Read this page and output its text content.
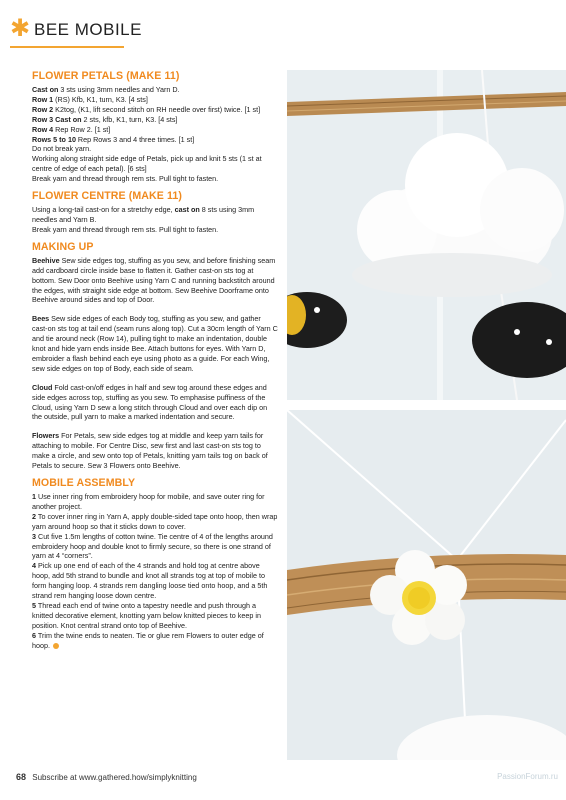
✱ BEE MOBILE
FLOWER PETALS (MAKE 11)

Cast on 3 sts using 3mm needles and Yarn D.

Row 1 (RS) Kfb, K1, turn, K3. [4 sts]

Row 2 K2tog, (K1, lift second stitch on RH needle over first) twice. [1 st]

Row 3 Cast on 2 sts, kfb, K1, turn, K3. [4 sts]

Row 4 Rep Row 2. [1 st]

Rows 5 to 10 Rep Rows 3 and 4 three times. [1 st]

Do not break yarn.

Working along straight side edge of Petals, pick up and knit 5 sts (1 st at centre of edge of each petal). [6 sts]

Break yarn and thread through rem sts. Pull tight to fasten.

FLOWER CENTRE (MAKE 11)

Using a long-tail cast-on for a stretchy edge, cast on 8 sts using 3mm needles and Yarn B.

Break yarn and thread through rem sts. Pull tight to fasten.

MAKING UP

Beehive Sew side edges tog, stuffing as you sew, and before finishing seam add cardboard circle inside base to flatten it. Gather cast-on sts tog at bottom. Sew Door onto Beehive using Yarn C and running backstitch around the edges, with straight side edge at bottom. Sew Beehive Doorframe onto Beehive around sides and top of Door.

Bees Sew side edges of each Body tog, stuffing as you sew, and gather cast-on sts tog at tail end (seam runs along top). Cut a 30cm length of Yarn C and tie around neck (Row 14), pulling tight to make an indentation, double knot and hide yarn ends inside Bee. Attach buttons for eyes. With Yarn D, embroider a flash behind each eye using photo as a guide. For each Wing, sew side edges on top of Body, each side of seam.

Cloud Fold cast-on/off edges in half and sew tog around these edges and side edges across top, stuffing as you sew. To emphasise puffiness of the Cloud, using Yarn D sew a long stitch through Cloud and over each dip on the outside, pull yarn to make a marked indentation and secure.

Flowers For Petals, sew side edges tog at middle and keep yarn tails for attaching to mobile. For Centre Disc, sew first and last cast-on sts tog to make a circle, and sew onto top of Petals, knitting yarn tails tog on back of Petals to secure. Sew 3 Flowers onto Beehive.

MOBILE ASSEMBLY

1 Use inner ring from embroidery hoop for mobile, and save outer ring for another project.

2 To cover inner ring in Yarn A, apply double-sided tape onto hoop, then wrap yarn around hoop so that it sticks down to cover.

3 Cut five 1.5m lengths of cotton twine. Tie centre of 4 of the lengths around embroidery hoop and double knot to firmly secure, so there is one strand of yarn at 4 “corners”.

4 Pick up one end of each of the 4 strands and hold tog at centre above hoop, add 5th strand to bundle and knot all strands tog at top of mobile to form hanging loop. 4 strands rem dangling loose tied onto hoop, and a 5th strand rem hanging loose down centre.

5 Thread each end of twine onto a tapestry needle and push through a knitted decorative element, knotting yarn below knitted pieces to keep in position. Knot central strand onto top of Beehive.

6 Trim the twine ends to neaten. Tie or glue rem Flowers to outer edge of hoop.

68 Subscribe at www.gathered.how/simplyknitting	PassionForum.ru
